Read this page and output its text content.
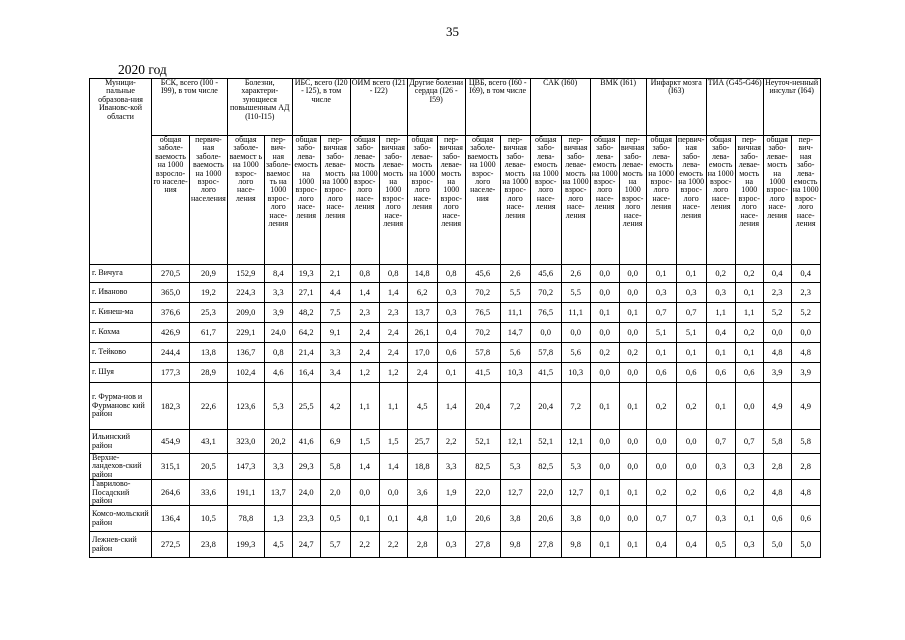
35
2020 год
Муници-пальные образова-ния Ивановс-кой области	БСК, всего (I00 - I99), в том числе		Болезни, характери-зующиеся повышенным АД (I10-I15)		ИБС, всего (I20 - I25), в том числе		ОИМ всего (I21 - I22)		Другие болезни сердца (I26 - I59)		ЦВБ, всего (I60 - I69), в том числе		САК (I60)		ВМК (I61)		Инфаркт мозга (I63)		ТИА (G45-G46)		Неуточ-ненный инсульт (I64)	
	общая заболе-ваемость на 1000 взросло-го населе-ния	первич-ная заболе-ваемость на 1000 взрос-лого населения	общая заболе-ваемост ь на 1000 взрос-лого насе-ления	пер-вич-ная заболе-ваемос ть на 1000 взрос-лого насе-ления	общая забо-лева-емость на 1000 взрос-лого насе-ления	пер-вичная забо-левае-мость на 1000 взрос-лого насе-ления	общая забо-левае-мость на 1000 взрос-лого насе-ления	пер-вичная забо-левае-мость на 1000 взрос-лого насе-ления	общая забо-левае-мость на 1000 взрос-лого насе-ления	пер-вичная забо-левае-мость на 1000 взрос-лого насе-ления	общая заболе-ваемость на 1000 взрос-лого населе-ния	пер-вичная забо-левае-мость на 1000 взрос-лого насе-ления	общая забо-лева-емость на 1000 взрос-лого насе-ления	пер-вичная забо-левае-мость на 1000 взрос-лого насе-ления	общая забо-лева-емость на 1000 взрос-лого насе-ления	пер-вичная забо-левае-мость на 1000 взрос-лого насе-ления	общая забо-лева-емость на 1000 взрос-лого насе-ления	первич-ная забо-лева-емость на 1000 взрос-лого насе-ления	общая забо-лева-емость на 1000 взрос-лого насе-ления	пер-вичная забо-левае-мость на 1000 взрос-лого насе-ления	общая забо-левае-мость на 1000 взрос-лого насе-ления	пер-вич-ная забо-лева-емость на 1000 взрос-лого насе-ления
г. Вичуга	270,5	20,9	152,9	8,4	19,3	2,1	0,8	0,8	14,8	0,8	45,6	2,6	45,6	2,6	0,0	0,0	0,1	0,1	0,2	0,2	0,4	0,4
г. Иваново	365,0	19,2	224,3	3,3	27,1	4,4	1,4	1,4	6,2	0,3	70,2	5,5	70,2	5,5	0,0	0,0	0,3	0,3	0,3	0,1	2,3	2,3
г. Кинеш-ма	376,6	25,3	209,0	3,9	48,2	7,5	2,3	2,3	13,7	0,3	76,5	11,1	76,5	11,1	0,1	0,1	0,7	0,7	1,1	1,1	5,2	5,2
г. Кохма	426,9	61,7	229,1	24,0	64,2	9,1	2,4	2,4	26,1	0,4	70,2	14,7	0,0	0,0	0,0	0,0	5,1	5,1	0,4	0,2	0,0	0,0
г. Тейково	244,4	13,8	136,7	0,8	21,4	3,3	2,4	2,4	17,0	0,6	57,8	5,6	57,8	5,6	0,2	0,2	0,1	0,1	0,1	0,1	4,8	4,8
г. Шуя	177,3	28,9	102,4	4,6	16,4	3,4	1,2	1,2	2,4	0,1	41,5	10,3	41,5	10,3	0,0	0,0	0,6	0,6	0,6	0,6	3,9	3,9
г. Фурма-нов и Фурмановс кий район	182,3	22,6	123,6	5,3	25,5	4,2	1,1	1,1	4,5	1,4	20,4	7,2	20,4	7,2	0,1	0,1	0,2	0,2	0,1	0,0	4,9	4,9
Ильинский район	454,9	43,1	323,0	20,2	41,6	6,9	1,5	1,5	25,7	2,2	52,1	12,1	52,1	12,1	0,0	0,0	0,0	0,0	0,7	0,7	5,8	5,8
Верхне-ландехов-ский район	315,1	20,5	147,3	3,3	29,3	5,8	1,4	1,4	18,8	3,3	82,5	5,3	82,5	5,3	0,0	0,0	0,0	0,0	0,3	0,3	2,8	2,8
Гаврилово-Посадский район	264,6	33,6	191,1	13,7	24,0	2,0	0,0	0,0	3,6	1,9	22,0	12,7	22,0	12,7	0,1	0,1	0,2	0,2	0,6	0,2	4,8	4,8
Комсо-мольский район	136,4	10,5	78,8	1,3	23,3	0,5	0,1	0,1	4,8	1,0	20,6	3,8	20,6	3,8	0,0	0,0	0,7	0,7	0,3	0,1	0,6	0,6
Лежнев-ский район	272,5	23,8	199,3	4,5	24,7	5,7	2,2	2,2	2,8	0,3	27,8	9,8	27,8	9,8	0,1	0,1	0,4	0,4	0,5	0,3	5,0	5,0
